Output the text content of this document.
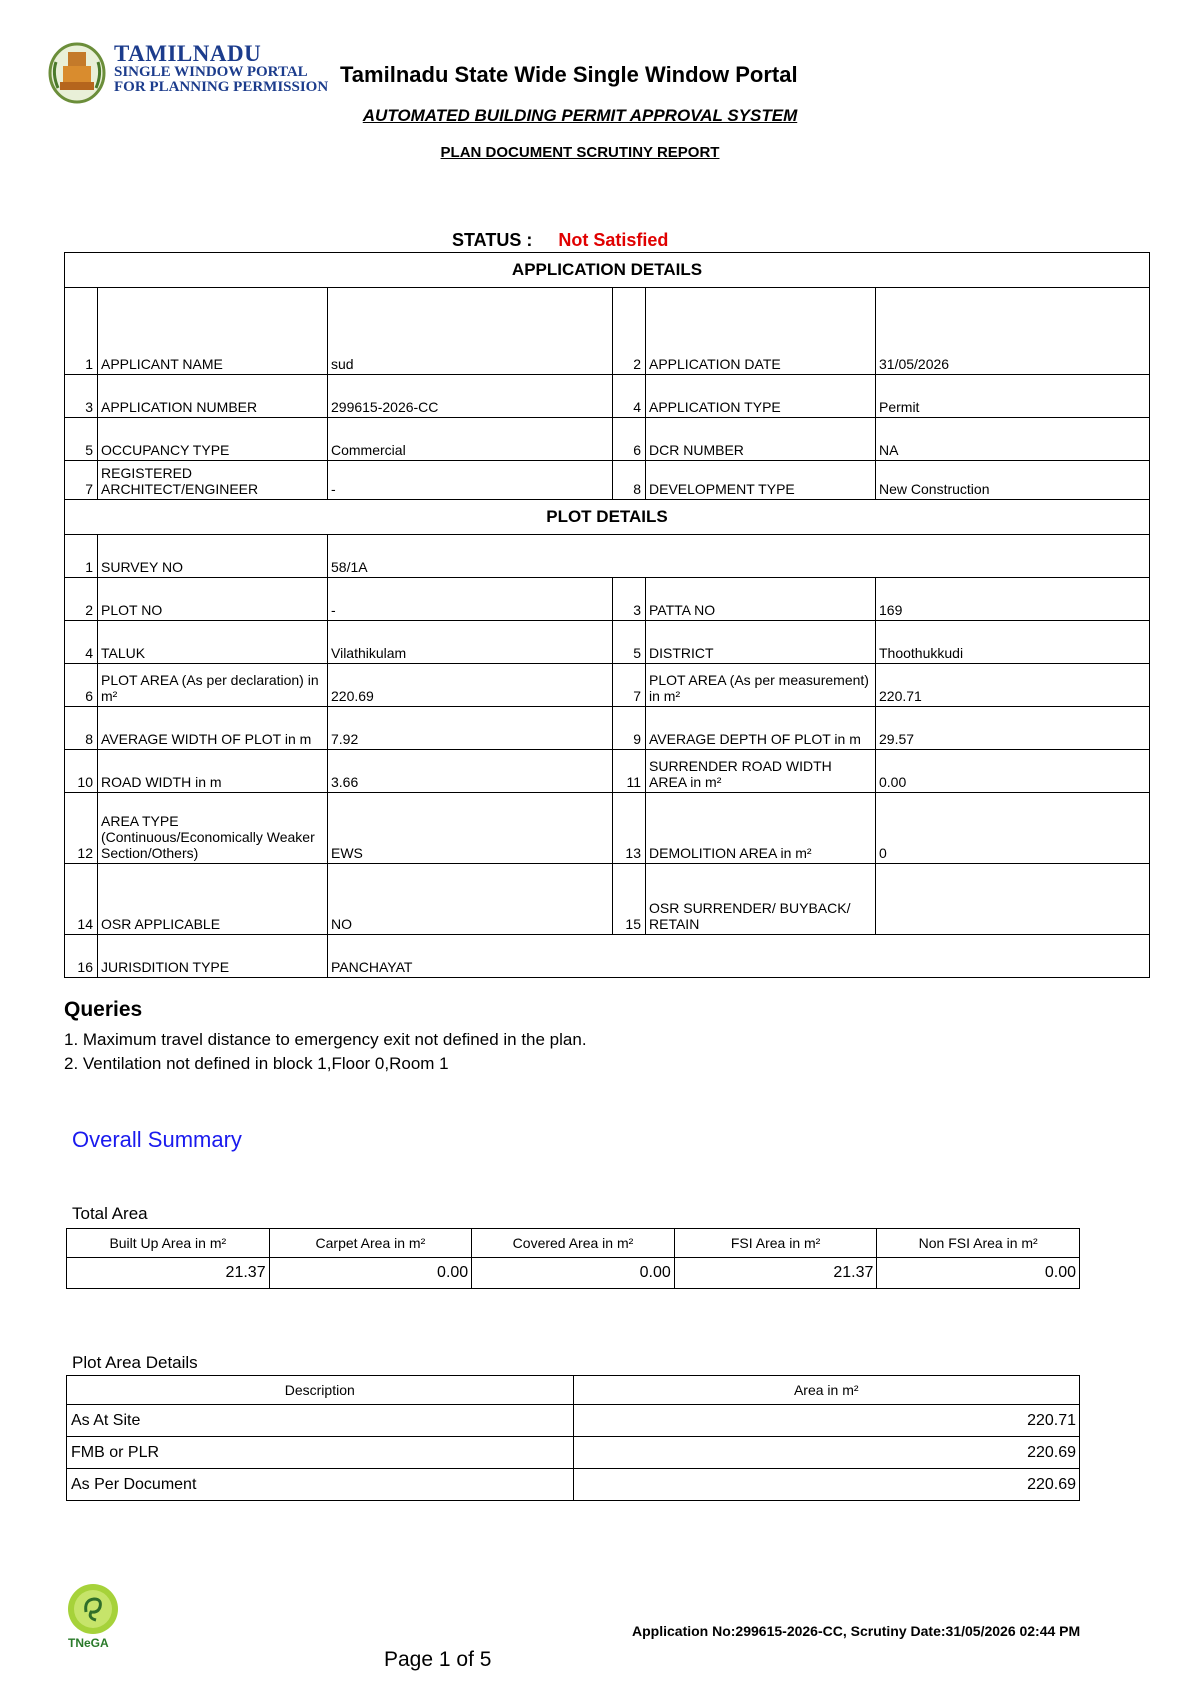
TAMILNADU
SINGLE WINDOW PORTAL
FOR PLANNING PERMISSION Tamilnadu State Wide Single Window Portal
AUTOMATED BUILDING PERMIT APPROVAL SYSTEM
PLAN DOCUMENT SCRUTINY REPORT
STATUS : Not Satisfied
APPLICATION DETAILS					
1	APPLICANT NAME	sud	2	APPLICATION DATE	31/05/2026
3	APPLICATION NUMBER	299615-2026-CC	4	APPLICATION TYPE	Permit
5	OCCUPANCY TYPE	Commercial	6	DCR NUMBER	NA
7	REGISTERED ARCHITECT/ENGINEER	-	8	DEVELOPMENT TYPE	New Construction
PLOT DETAILS					
1	SURVEY NO	58/1A			
2	PLOT NO	-	3	PATTA NO	169
4	TALUK	Vilathikulam	5	DISTRICT	Thoothukkudi
6	PLOT AREA (As per declaration) in m²	220.69	7	PLOT AREA (As per measurement) in m²	220.71
8	AVERAGE WIDTH OF PLOT in m	7.92	9	AVERAGE DEPTH OF PLOT in m	29.57
10	ROAD WIDTH in m	3.66	11	SURRENDER ROAD WIDTH AREA in m²	0.00
12	AREA TYPE (Continuous/Economically Weaker Section/Others)	EWS	13	DEMOLITION AREA in m²	0
14	OSR APPLICABLE	NO	15	OSR SURRENDER/ BUYBACK/ RETAIN	
16	JURISDITION TYPE	PANCHAYAT			
Queries
1. Maximum travel distance to emergency exit not defined in the plan.
2. Ventilation not defined in block 1,Floor 0,Room 1
Overall Summary
Total Area
Built Up Area in m²	Carpet Area in m²	Covered Area in m²	FSI Area in m²	Non FSI Area in m²
21.37	0.00	0.00	21.37	0.00
Plot Area Details
Description	Area in m²
As At Site	220.71
FMB or PLR	220.69
As Per Document	220.69
TNeGA
Application No:299615-2026-CC, Scrutiny Date:31/05/2026 02:44 PM
Page 1 of 5
